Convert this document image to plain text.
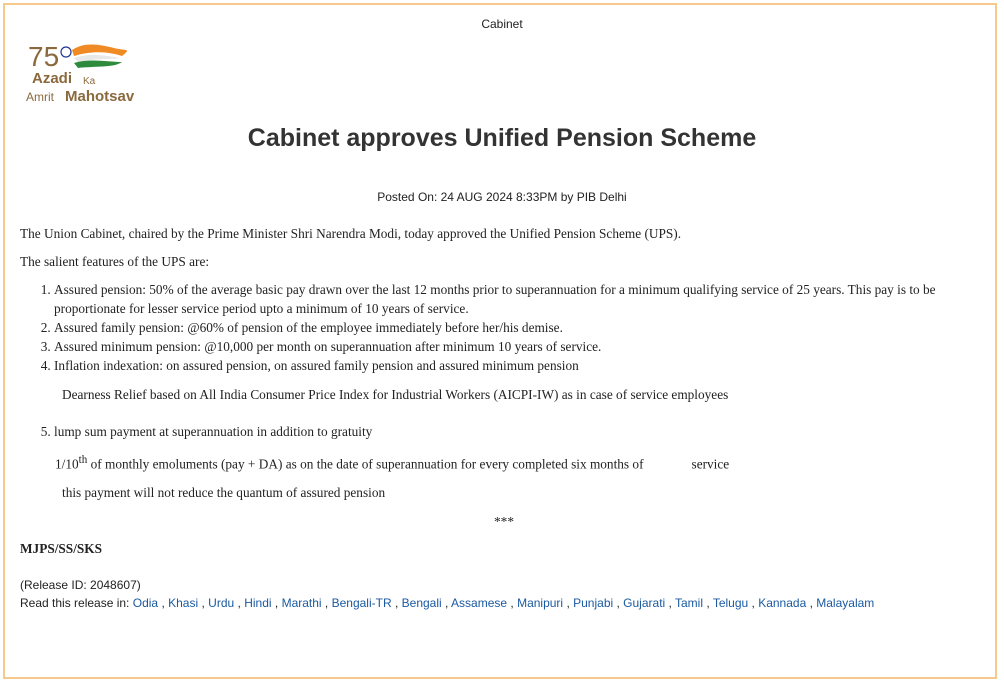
Cabinet
75
Azadi Ka
Amrit Mahotsav
Cabinet approves Unified Pension Scheme
Posted On: 24 AUG 2024 8:33PM by PIB Delhi

The Union Cabinet, chaired by the Prime Minister Shri Narendra Modi, today approved the Unified Pension Scheme (UPS).

The salient features of the UPS are:

1. Assured pension: 50% of the average basic pay drawn over the last 12 months prior to superannuation for a minimum qualifying service of 25 years. This pay is to be proportionate for lesser service period upto a minimum of 10 years of service.
2. Assured family pension: @60% of pension of the employee immediately before her/his demise.
3. Assured minimum pension: @10,000 per month on superannuation after minimum 10 years of service.
4. Inflation indexation: on assured pension, on assured family pension and assured minimum pension
Dearness Relief based on All India Consumer Price Index for Industrial Workers (AICPI-IW) as in case of service employees
5. lump sum payment at superannuation in addition to gratuity
1/10th of monthly emoluments (pay + DA) as on the date of superannuation for every completed six months of	service
this payment will not reduce the quantum of assured pension
***
MJPS/SS/SKS
(Release ID: 2048607)
Read this release in: Odia , Khasi , Urdu , Hindi , Marathi , Bengali-TR , Bengali , Assamese , Manipuri , Punjabi , Gujarati , Tamil , Telugu , Kannada , Malayalam
